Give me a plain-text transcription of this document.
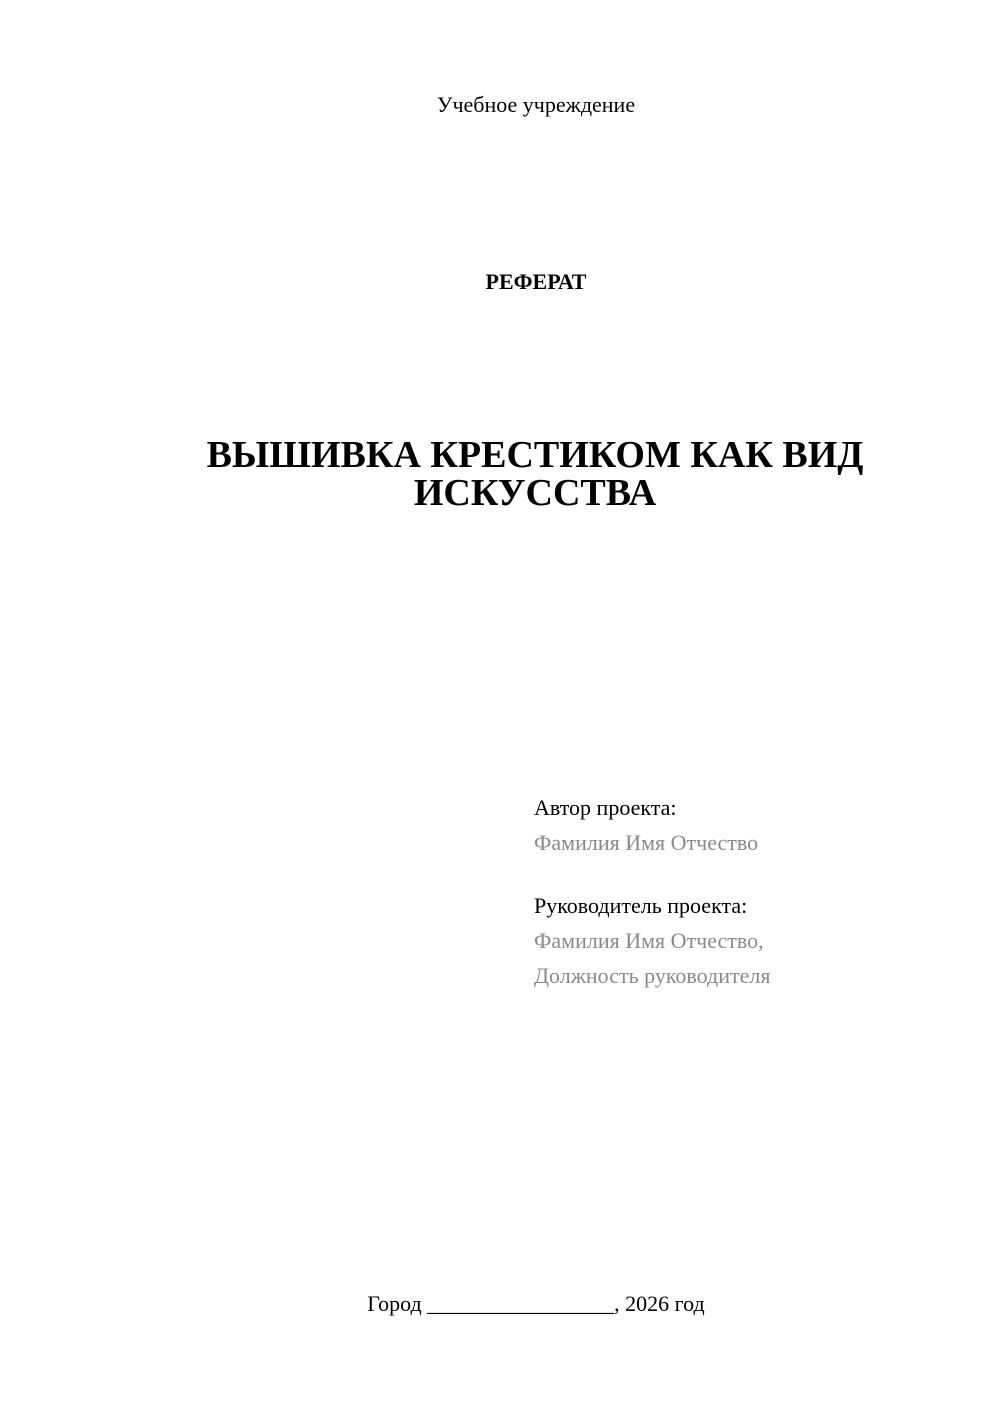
Учебное учреждение
РЕФЕРАТ
ВЫШИВКА КРЕСТИКОМ КАК ВИД
ИСКУССТВА
Автор проекта:
Фамилия Имя Отчество
Руководитель проекта:
Фамилия Имя Отчество,
Должность руководителя
Город _________________, 2026 год
